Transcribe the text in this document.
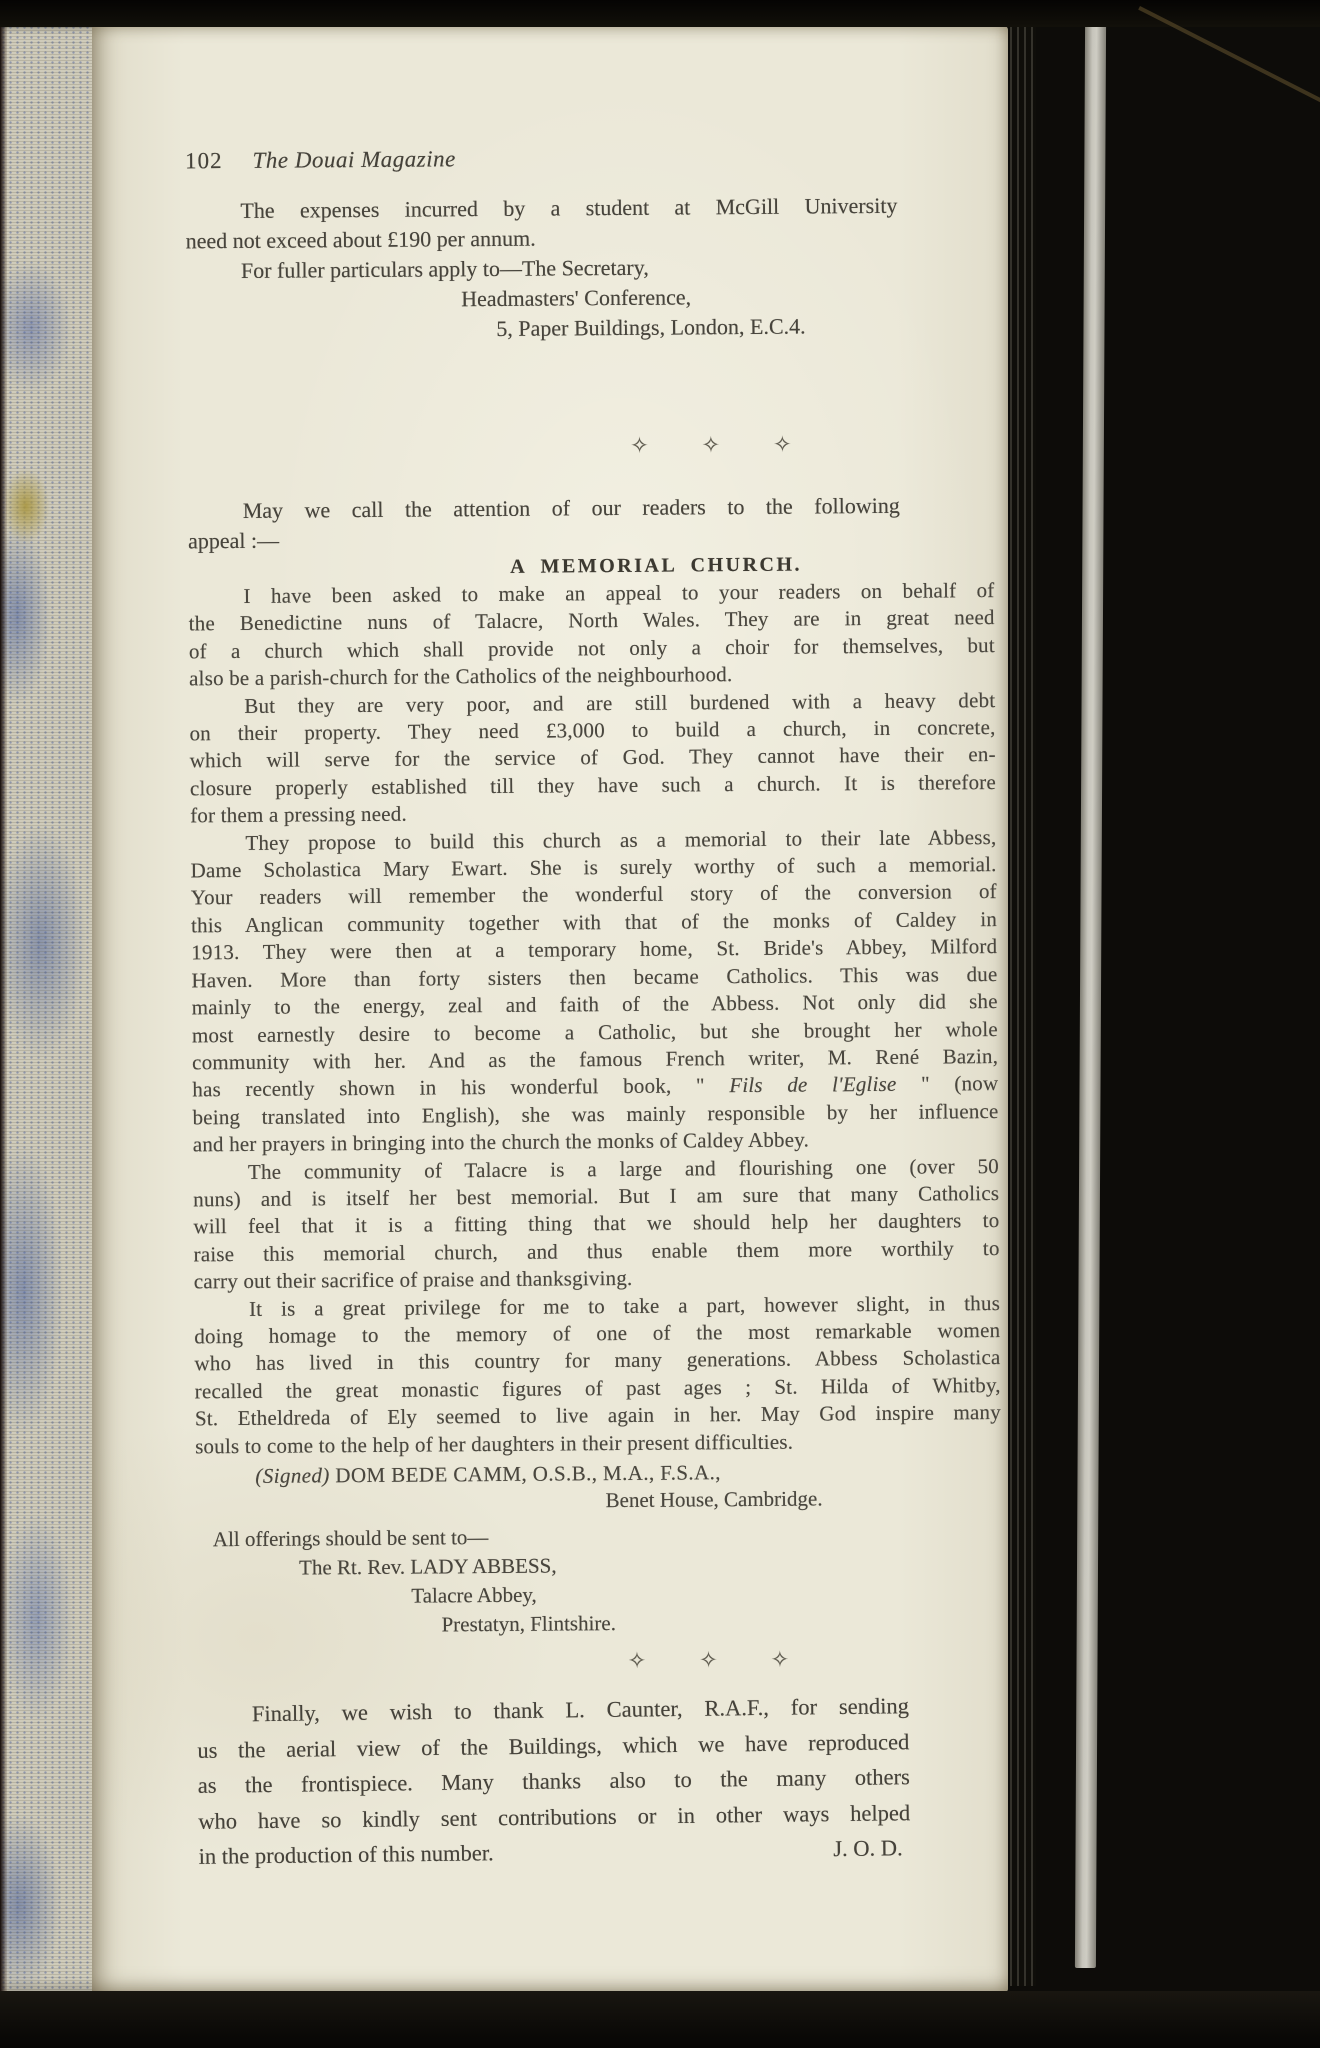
102 The Douai Magazine
The expenses incurred by a student at McGill University
need not exceed about £190 per annum.
For fuller particulars apply to—The Secretary,
Headmasters' Conference,
5, Paper Buildings, London, E.C.4.
✧ ✧ ✧
May we call the attention of our readers to the following
appeal :—
A MEMORIAL CHURCH.
I have been asked to make an appeal to your readers on behalf of
the Benedictine nuns of Talacre, North Wales. They are in great need
of a church which shall provide not only a choir for themselves, but
also be a parish-church for the Catholics of the neighbourhood.
But they are very poor, and are still burdened with a heavy debt
on their property. They need £3,000 to build a church, in concrete,
which will serve for the service of God. They cannot have their en-
closure properly established till they have such a church. It is therefore
for them a pressing need.
They propose to build this church as a memorial to their late Abbess,
Dame Scholastica Mary Ewart. She is surely worthy of such a memorial.
Your readers will remember the wonderful story of the conversion of
this Anglican community together with that of the monks of Caldey in
1913. They were then at a temporary home, St. Bride's Abbey, Milford
Haven. More than forty sisters then became Catholics. This was due
mainly to the energy, zeal and faith of the Abbess. Not only did she
most earnestly desire to become a Catholic, but she brought her whole
community with her. And as the famous French writer, M. René Bazin,
has recently shown in his wonderful book, " Fils de l'Eglise " (now
being translated into English), she was mainly responsible by her influence
and her prayers in bringing into the church the monks of Caldey Abbey.
The community of Talacre is a large and flourishing one (over 50
nuns) and is itself her best memorial. But I am sure that many Catholics
will feel that it is a fitting thing that we should help her daughters to
raise this memorial church, and thus enable them more worthily to
carry out their sacrifice of praise and thanksgiving.
It is a great privilege for me to take a part, however slight, in thus
doing homage to the memory of one of the most remarkable women
who has lived in this country for many generations. Abbess Scholastica
recalled the great monastic figures of past ages ; St. Hilda of Whitby,
St. Etheldreda of Ely seemed to live again in her. May God inspire many
souls to come to the help of her daughters in their present difficulties.
(Signed) DOM BEDE CAMM, O.S.B., M.A., F.S.A.,
Benet House, Cambridge.
All offerings should be sent to—
The Rt. Rev. LADY ABBESS,
Talacre Abbey,
Prestatyn, Flintshire.
✧ ✧ ✧
Finally, we wish to thank L. Caunter, R.A.F., for sending
us the aerial view of the Buildings, which we have reproduced
as the frontispiece. Many thanks also to the many others
who have so kindly sent contributions or in other ways helped
in the production of this number.	J. O. D.
